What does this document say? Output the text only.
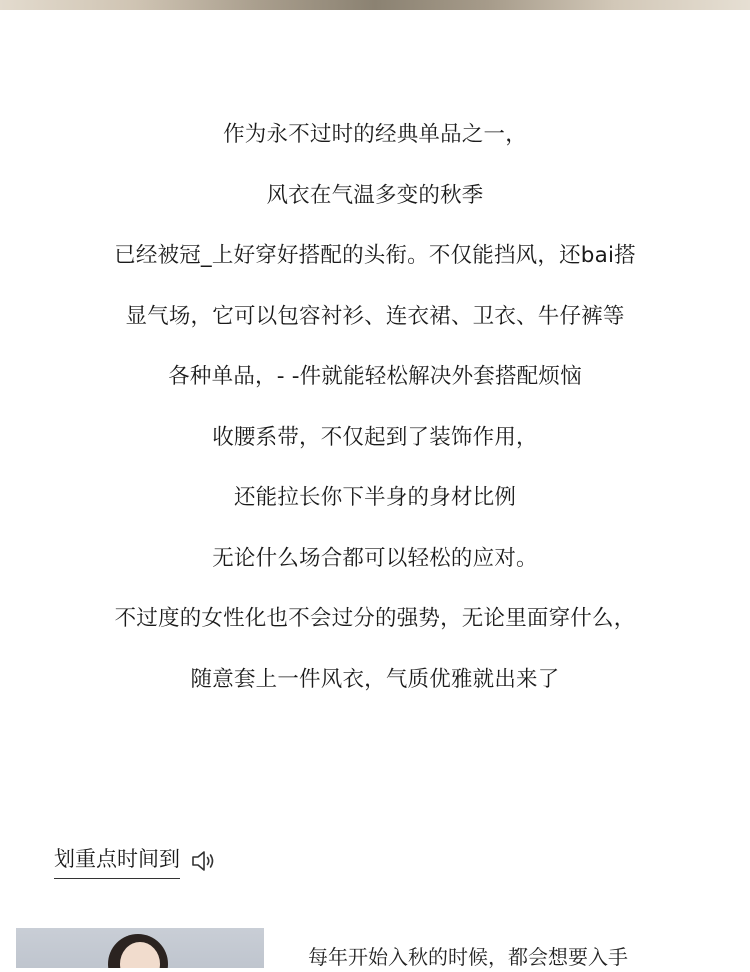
作为永不过时的经典单品之一，
风衣在气温多变的秋季
已经被冠_上好穿好搭配的头衔。不仅能挡风，还bai搭
显气场，它可以包容衬衫、连衣裙、卫衣、牛仔裤等
各种单品，- -件就能轻松解决外套搭配烦恼
收腰系带，不仅起到了装饰作用，
还能拉长你下半身的身材比例
无论什么场合都可以轻松的应对。
不过度的女性化也不会过分的强势，无论里面穿什么，
随意套上一件风衣，气质优雅就出来了
划重点时间到
每年开始入秋的时候，都会想要入手
